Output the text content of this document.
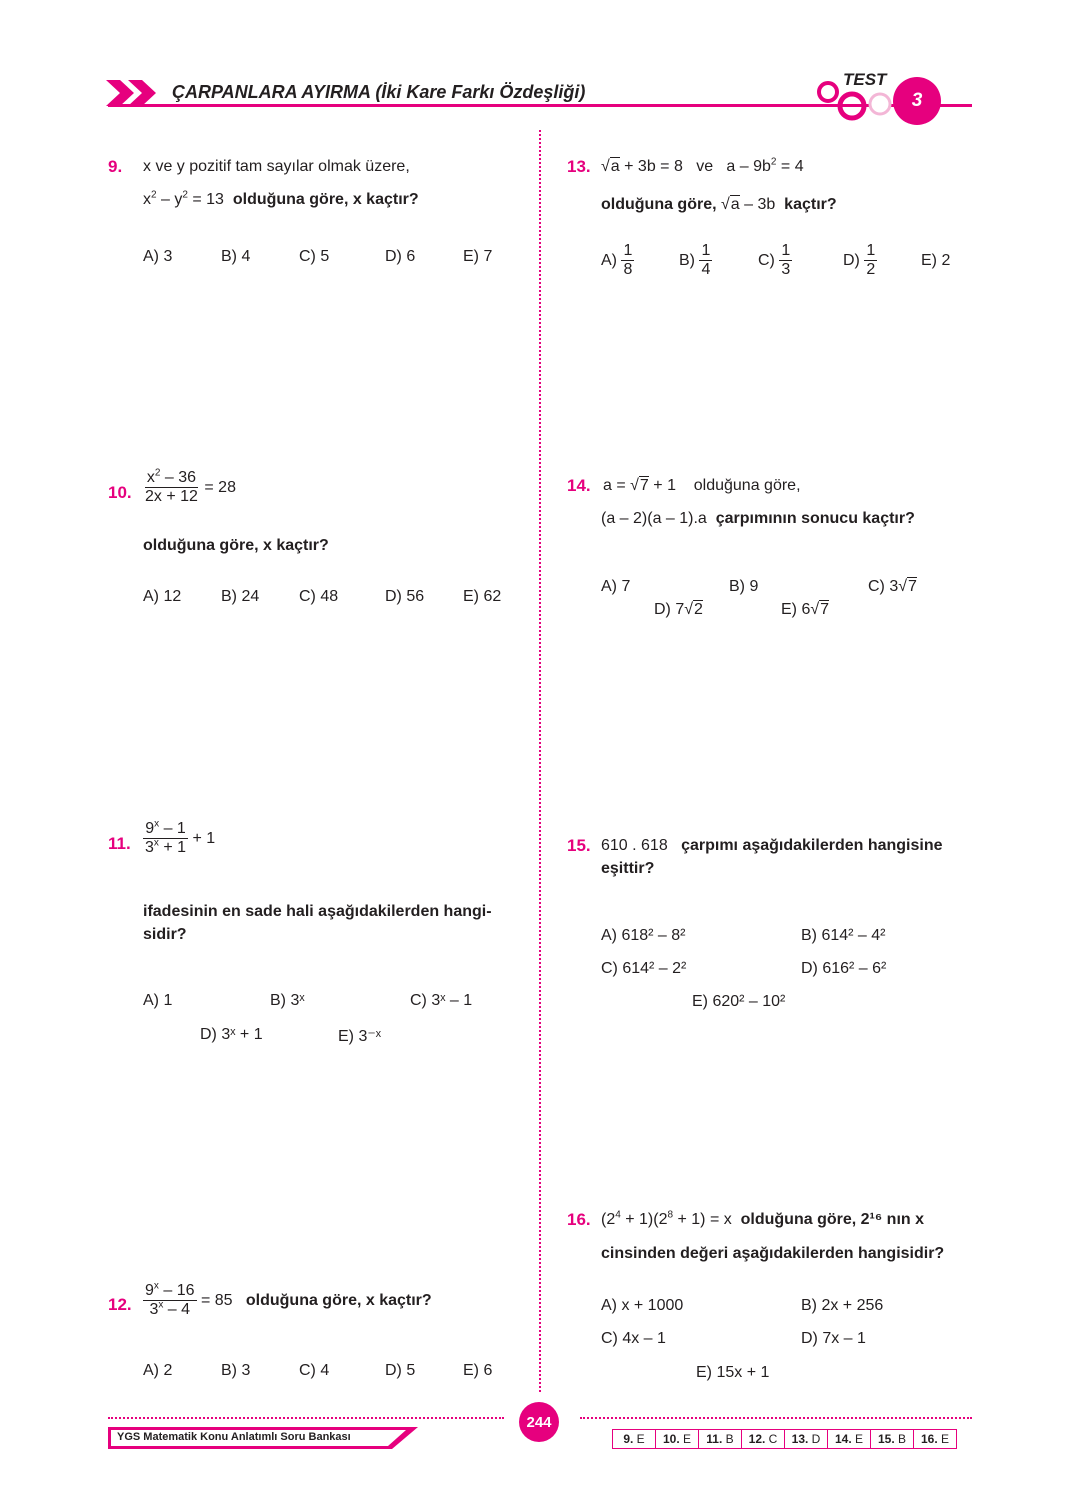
ÇARPANLARA AYIRMA (İki Kare Farkı Özdeşliği)
TEST
3
9. x ve y pozitif tam sayılar olmak üzere,
$x^2 - y^2 = 13$  olduğuna göre, x kaçtır?
A) 3	B) 4	C) 5	D) 6	E) 7
10. $\frac{x^2 - 36}{2x + 12} = 28$
olduğuna göre, x kaçtır?
A) 12 B) 24 C) 48	D) 56 E) 62
11. $\frac{9^x - 1}{3^x + 1} + 1$
ifadesinin en sade hali aşağıdakilerden hangi-
sidir?
A) 1	B) 3ˣ	C) 3ˣ – 1
D) 3ˣ + 1	E) 3⁻ˣ
12. $\frac{9^x - 16}{3^x - 4} = 85$   olduğuna göre, x kaçtır?
A) 2	B) 3	C) 4	D) 5	E) 6
13. √a + 3b = 8   ve   $a - 9b^2 = 4$
olduğuna göre, √a – 3b  kaçtır?
$A) \frac{1}{8}$	$B) \frac{1}{4}$	$C) \frac{1}{3}$	$D) \frac{1}{2}$	E) 2
14. a = √7 + 1    olduğuna göre,
(a – 2)(a – 1).a çarpımının sonucu kaçtır?
A) 7	B) 9	C) 3√7
D) 7√2	E) 6√7
15. 610 . 618 çarpımı aşağıdakilerden hangisine
eşittir?
A) 618² – 8²	B) 614² – 4²
C) 614² – 2²	D) 616² – 6²
E) 620² – 10²
16. $(2^4 + 1)(2^8 + 1) = x$  olduğuna göre, 2¹⁶ nın x
cinsinden değeri aşağıdakilerden hangisidir?
A) x + 1000	B) 2x + 256
C) 4x – 1	D) 7x – 1
E) 15x + 1
244
YGS Matematik Konu Anlatımlı Soru Bankası	9. E	10. E	11. B	12. C	13. D	14. E	15. B	16. E
